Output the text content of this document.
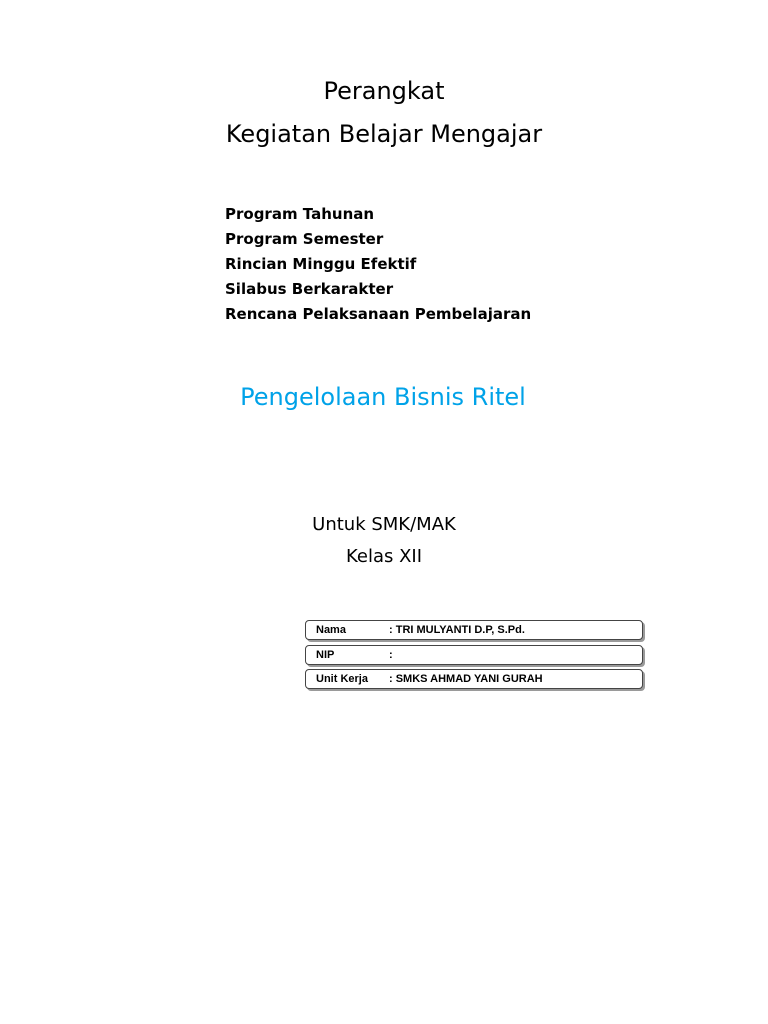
Perangkat
Kegiatan Belajar Mengajar
Program Tahunan
Program Semester
Rincian Minggu Efektif
Silabus Berkarakter
Rencana Pelaksanaan Pembelajaran
Pengelolaan Bisnis Ritel
Untuk SMK/MAK
Kelas XII
Nama	: TRI MULYANTI D.P, S.Pd.
NIP	:
Unit Kerja : SMKS AHMAD YANI GURAH
